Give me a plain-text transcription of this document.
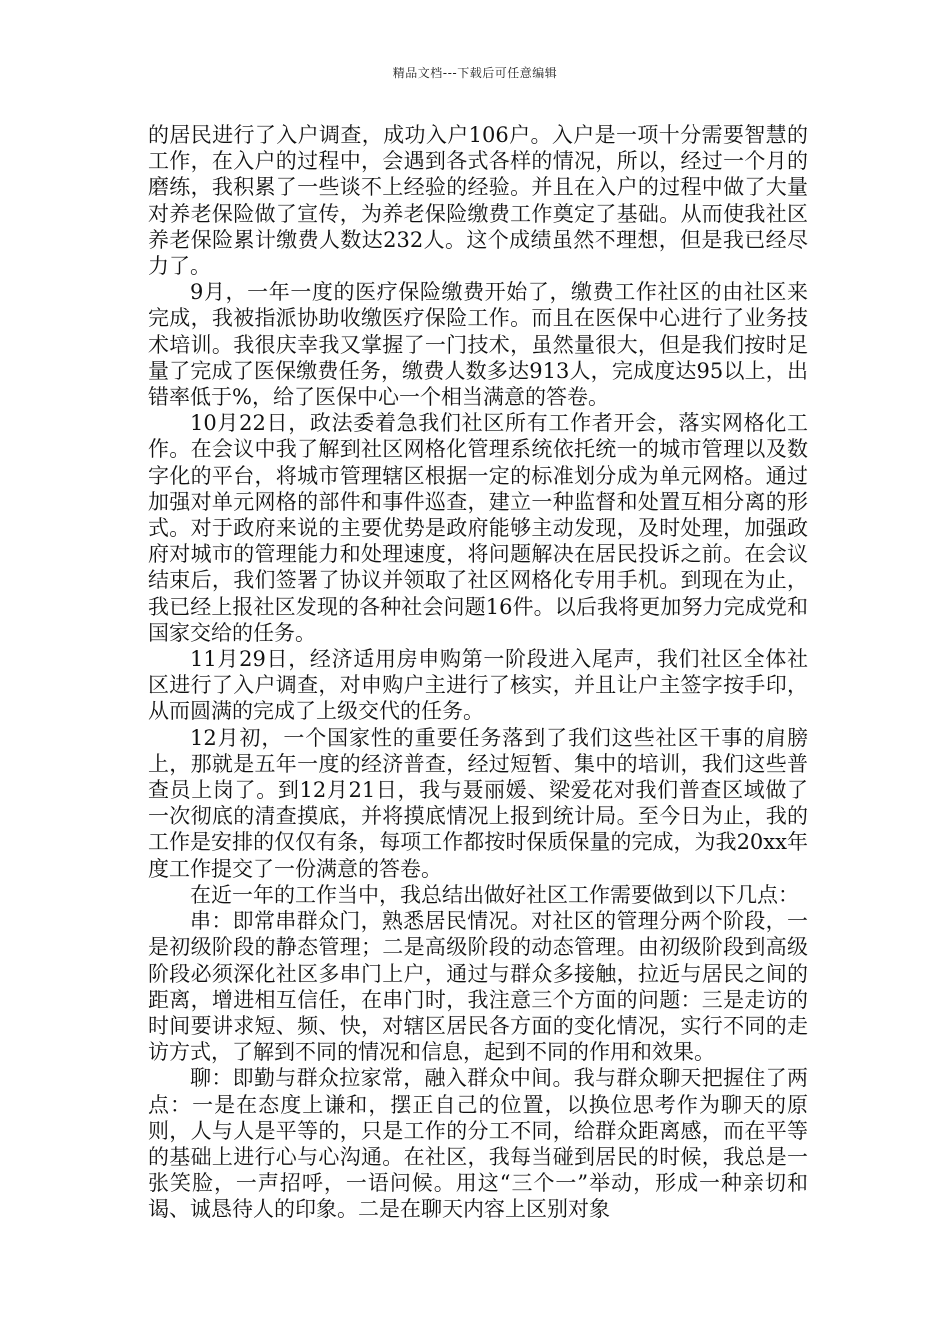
精品文档---下载后可任意编辑

的居民进行了入户调查，成功入户106户。入户是一项十分需要智慧的工作，在入户的过程中，会遇到各式各样的情况，所以，经过一个月的磨练，我积累了一些谈不上经验的经验。并且在入户的过程中做了大量对养老保险做了宣传，为养老保险缴费工作奠定了基础。从而使我社区养老保险累计缴费人数达232人。这个成绩虽然不理想，但是我已经尽力了。

9月，一年一度的医疗保险缴费开始了，缴费工作社区的由社区来完成，我被指派协助收缴医疗保险工作。而且在医保中心进行了业务技术培训。我很庆幸我又掌握了一门技术，虽然量很大，但是我们按时足量了完成了医保缴费任务，缴费人数多达913人，完成度达95以上，出错率低于%，给了医保中心一个相当满意的答卷。

10月22日，政法委着急我们社区所有工作者开会，落实网格化工作。在会议中我了解到社区网格化管理系统依托统一的城市管理以及数字化的平台，将城市管理辖区根据一定的标准划分成为单元网格。通过加强对单元网格的部件和事件巡查，建立一种监督和处置互相分离的形式。对于政府来说的主要优势是政府能够主动发现，及时处理，加强政府对城市的管理能力和处理速度，将问题解决在居民投诉之前。在会议结束后，我们签署了协议并领取了社区网格化专用手机。到现在为止，我已经上报社区发现的各种社会问题16件。以后我将更加努力完成党和国家交给的任务。

11月29日，经济适用房申购第一阶段进入尾声，我们社区全体社区进行了入户调查，对申购户主进行了核实，并且让户主签字按手印，从而圆满的完成了上级交代的任务。

12月初，一个国家性的重要任务落到了我们这些社区干事的肩膀上，那就是五年一度的经济普查，经过短暂、集中的培训，我们这些普查员上岗了。到12月21日，我与聂丽媛、梁爱花对我们普查区域做了一次彻底的清查摸底，并将摸底情况上报到统计局。至今日为止，我的工作是安排的仅仅有条，每项工作都按时保质保量的完成，为我20xx年度工作提交了一份满意的答卷。

在近一年的工作当中，我总结出做好社区工作需要做到以下几点：

串：即常串群众门，熟悉居民情况。对社区的管理分两个阶段，一是初级阶段的静态管理；二是高级阶段的动态管理。由初级阶段到高级阶段必须深化社区多串门上户，通过与群众多接触，拉近与居民之间的距离，增进相互信任，在串门时，我注意三个方面的问题：三是走访的时间要讲求短、频、快，对辖区居民各方面的变化情况，实行不同的走访方式，了解到不同的情况和信息，起到不同的作用和效果。

聊：即勤与群众拉家常，融入群众中间。我与群众聊天把握住了两点：一是在态度上谦和，摆正自己的位置，以换位思考作为聊天的原则，人与人是平等的，只是工作的分工不同，给群众距离感，而在平等的基础上进行心与心沟通。在社区，我每当碰到居民的时候，我总是一张笑脸，一声招呼，一语问候。用这“三个一”举动，形成一种亲切和谒、诚恳待人的印象。二是在聊天内容上区别对象
